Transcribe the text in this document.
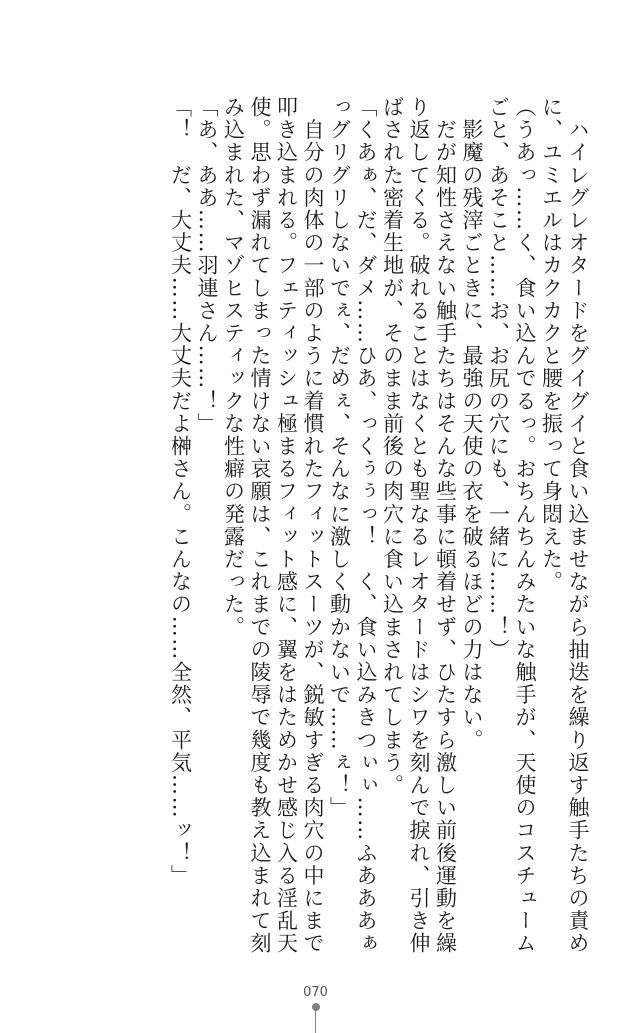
　ハイレグレオタードをグイグイと食い込ませながら抽迭を繰り返す触手たちの責めに、ユミエルはカクカクと腰を振って身悶えた。

（うあっ……く、食い込んでるっ。おちんちんみたいな触手が、天使のコスチュームごと、あそこと……お、お尻の穴にも、一緒に……！）

　影魔の残滓ごときに、最強の天使の衣を破るほどの力はない。

　だが知性さえない触手たちはそんな些事に頓着せず、ひたすら激しい前後運動を繰り返してくる。破れることはなくとも聖なるレオタードはシワを刻んで捩れ、引き伸ばされた密着生地が、そのまま前後の肉穴に食い込まされてしまう。

「くあぁ、だ、ダメ……ひあ、っくぅぅっ！　く、食い込みきつぃぃ……ふあああぁっグリグリしないでぇ、だめぇ、そんなに激しく動かないで……ぇ！」

　自分の肉体の一部のように着慣れたフィットスーツが、鋭敏すぎる肉穴の中にまで叩き込まれる。フェティッシュ極まるフィット感に、翼をはためかせ感じ入る淫乱天使。思わず漏れてしまった情けない哀願は、これまでの陵辱で幾度も教え込まれて刻み込まれた、マゾヒスティックな性癖の発露だった。

「あ、ああ……羽連さん……！」

「！　だ、大丈夫……大丈夫だよ榊さん。こんなの……全然、平気……ッ！」

070
